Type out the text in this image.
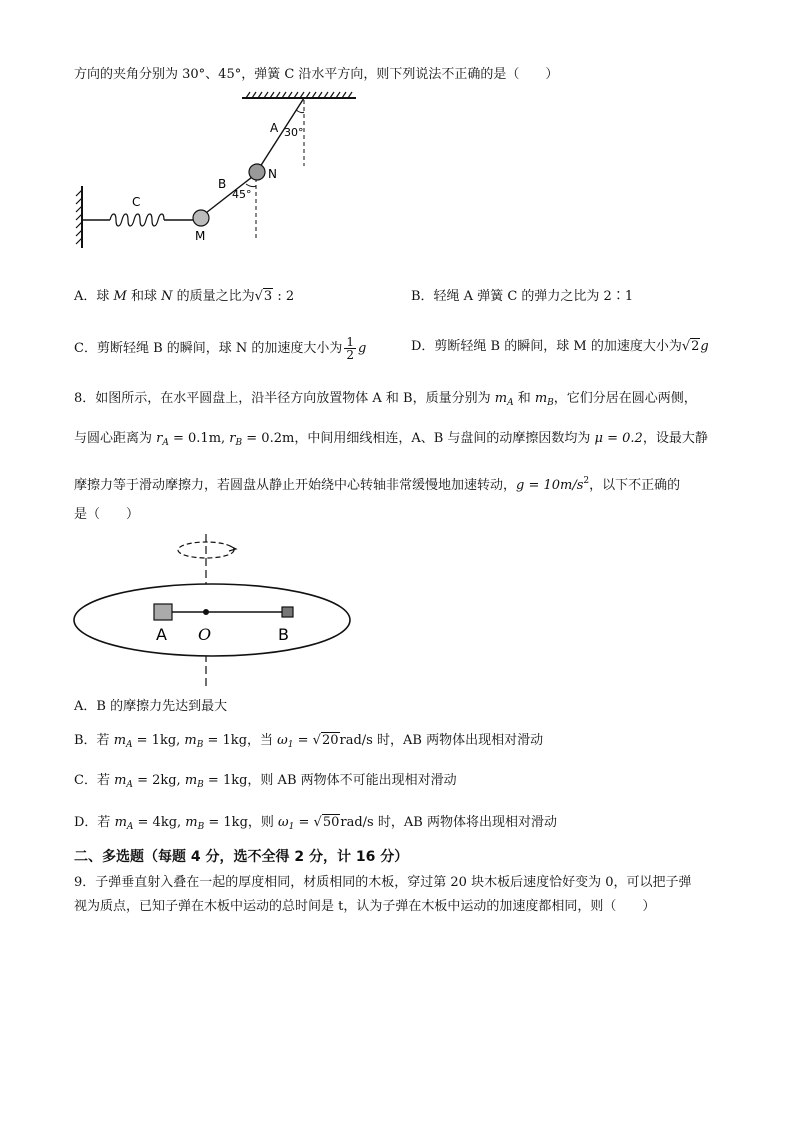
方向的夹角分别为 30°、45°，弹簧 C 沿水平方向，则下列说法不正确的是（　　）
A 30°
B
45°
N
C
M
A．球 M 和球 N 的质量之比为√3 : 2	B．轻绳 A 弹簧 C 的弹力之比为 2∶1
C．剪断轻绳 B 的瞬间，球 N 的加速度大小为 $\frac{1}{2}$ g	D．剪断轻绳 B 的瞬间，球 M 的加速度大小为√2g
8．如图所示，在水平圆盘上，沿半径方向放置物体 A 和 B，质量分别为 $m_A$ 和 $m_B$，它们分居在圆心两侧，
与圆心距离为 $r_A = 0.1m$, $r_B = 0.2m$，中间用细线相连，A、B 与盘间的动摩擦因数均为 μ = 0.2，设最大静
摩擦力等于滑动摩擦力，若圆盘从静止开始绕中心转轴非常缓慢地加速转动，$g = 10m/s^2$，以下不正确的
是（　　）
A O	B
A．B 的摩擦力先达到最大
B．若 $m_A = 1kg$, $m_B = 1kg$，当 $\omega_1 = √20rad/s$ 时，AB 两物体出现相对滑动
C．若 $m_A = 2kg$, $m_B = 1kg$，则 AB 两物体不可能出现相对滑动
D．若 $m_A = 4kg$, $m_B = 1kg$，则 $\omega_1 = √50rad/s$ 时，AB 两物体将出现相对滑动
二、多选题（每题 4 分，选不全得 2 分，计 16 分）
9．子弹垂直射入叠在一起的厚度相同，材质相同的木板，穿过第 20 块木板后速度恰好变为 0，可以把子弹
视为质点，已知子弹在木板中运动的总时间是 t，认为子弹在木板中运动的加速度都相同，则（　　）
